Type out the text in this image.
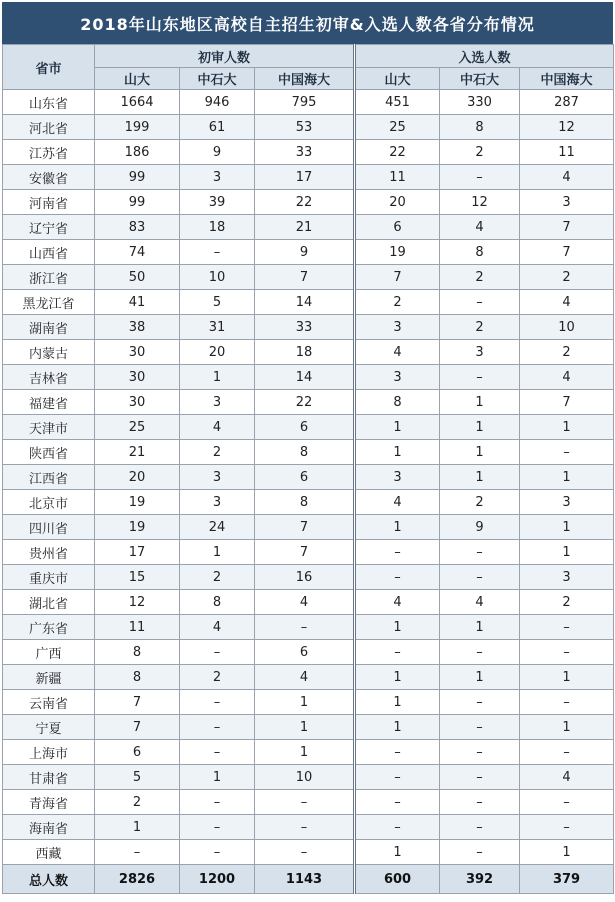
2018年山东地区高校自主招生初审&入选人数各省分布情况
省市	初审人数			入选人数		
	山大	中石大	中国海大	山大	中石大	中国海大
山东省	1664	946	795	451	330	287
河北省	199	61	53	25	8	12
江苏省	186	9	33	22	2	11
安徽省	99	3	17	11	–	4
河南省	99	39	22	20	12	3
辽宁省	83	18	21	6	4	7
山西省	74	–	9	19	8	7
浙江省	50	10	7	7	2	2
黑龙江省	41	5	14	2	–	4
湖南省	38	31	33	3	2	10
内蒙古	30	20	18	4	3	2
吉林省	30	1	14	3	–	4
福建省	30	3	22	8	1	7
天津市	25	4	6	1	1	1
陕西省	21	2	8	1	1	–
江西省	20	3	6	3	1	1
北京市	19	3	8	4	2	3
四川省	19	24	7	1	9	1
贵州省	17	1	7	–	–	1
重庆市	15	2	16	–	–	3
湖北省	12	8	4	4	4	2
广东省	11	4	–	1	1	–
广西	8	–	6	–	–	–
新疆	8	2	4	1	1	1
云南省	7	–	1	1	–	–
宁夏	7	–	1	1	–	1
上海市	6	–	1	–	–	–
甘肃省	5	1	10	–	–	4
青海省	2	–	–	–	–	–
海南省	1	–	–	–	–	–
西藏	–	–	–	1	–	1
总人数	2826	1200	1143	600	392	379
